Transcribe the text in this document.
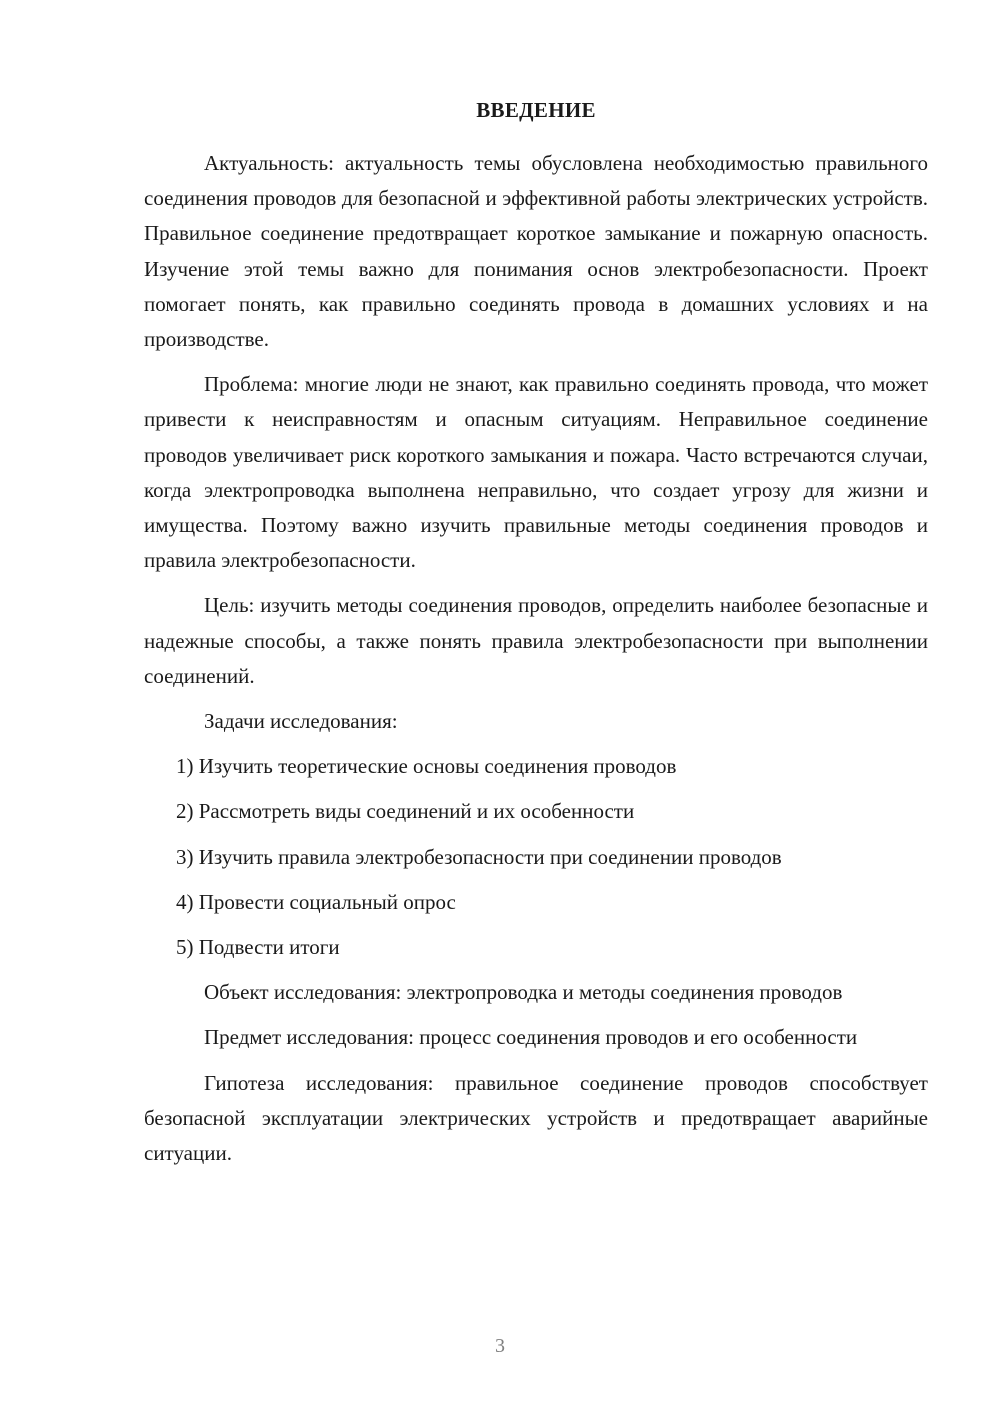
ВВЕДЕНИЕ

Актуальность: актуальность темы обусловлена необходимостью правильного соединения проводов для безопасной и эффективной работы электрических устройств. Правильное соединение предотвращает короткое замыкание и пожарную опасность. Изучение этой темы важно для понимания основ электробезопасности. Проект помогает понять, как правильно соединять провода в домашних условиях и на производстве.

Проблема: многие люди не знают, как правильно соединять провода, что может привести к неисправностям и опасным ситуациям. Неправильное соединение проводов увеличивает риск короткого замыкания и пожара. Часто встречаются случаи, когда электропроводка выполнена неправильно, что создает угрозу для жизни и имущества. Поэтому важно изучить правильные методы соединения проводов и правила электробезопасности.

Цель: изучить методы соединения проводов, определить наиболее безопасные и надежные способы, а также понять правила электробезопасности при выполнении соединений.

Задачи исследования:

1) Изучить теоретические основы соединения проводов
2) Рассмотреть виды соединений и их особенности
3) Изучить правила электробезопасности при соединении проводов
4) Провести социальный опрос
5) Подвести итоги

Объект исследования: электропроводка и методы соединения проводов

Предмет исследования: процесс соединения проводов и его особенности

Гипотеза исследования: правильное соединение проводов способствует безопасной эксплуатации электрических устройств и предотвращает аварийные ситуации.

3
